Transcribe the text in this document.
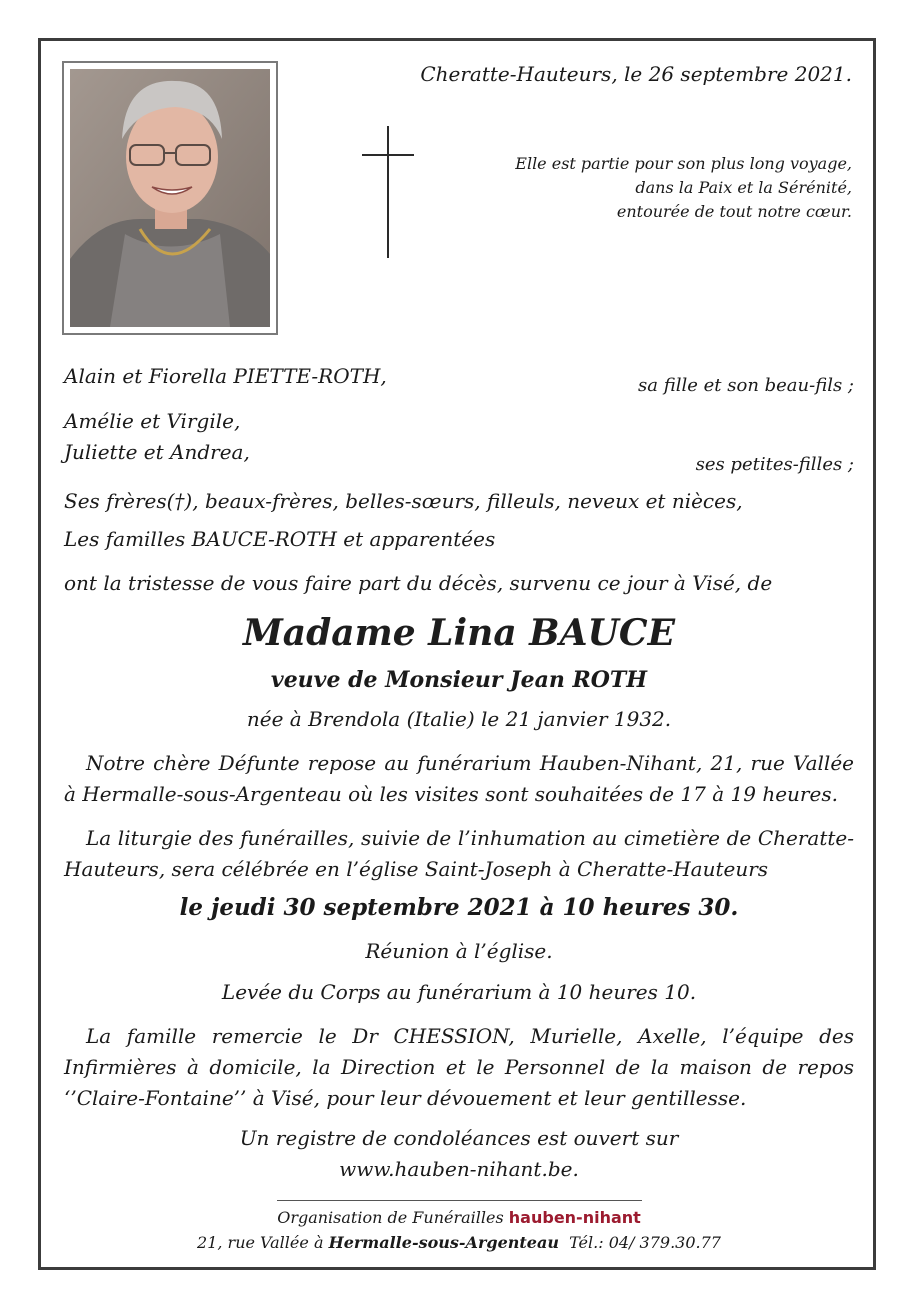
Cheratte-Hauteurs, le 26 septembre 2021.
Elle est partie pour son plus long voyage,
dans la Paix et la Sérénité,
entourée de tout notre cœur.
Alain et Fiorella PIETTE-ROTH,	sa fille et son beau-fils ;
Amélie et Virgile,
Juliette et Andrea,
ses petites-filles ;
Ses frères(†), beaux-frères, belles-sœurs, filleuls, neveux et nièces,
Les familles BAUCE-ROTH et apparentées
ont la tristesse de vous faire part du décès, survenu ce jour à Visé, de
Madame Lina BAUCE
veuve de Monsieur Jean ROTH
née à Brendola (Italie) le 21 janvier 1932.
Notre chère Défunte repose au funérarium Hauben-Nihant, 21, rue Vallée à Hermalle-sous-Argenteau où les visites sont souhaitées de 17 à 19 heures.
La liturgie des funérailles, suivie de l’inhumation au cimetière de Cheratte-Hauteurs, sera célébrée en l’église Saint-Joseph à Cheratte-Hauteurs
le jeudi 30 septembre 2021 à 10 heures 30.
Réunion à l’église.
Levée du Corps au funérarium à 10 heures 10.
La famille remercie le Dr CHESSION, Murielle, Axelle, l’équipe des Infirmières à domicile, la Direction et le Personnel de la maison de repos ‘’Claire-Fontaine’’ à Visé, pour leur dévouement et leur gentillesse.
Un registre de condoléances est ouvert sur
www.hauben-nihant.be.
Organisation de Funérailles hauben-nihant
21, rue Vallée à Hermalle-sous-Argenteau Tél.: 04/ 379.30.77
